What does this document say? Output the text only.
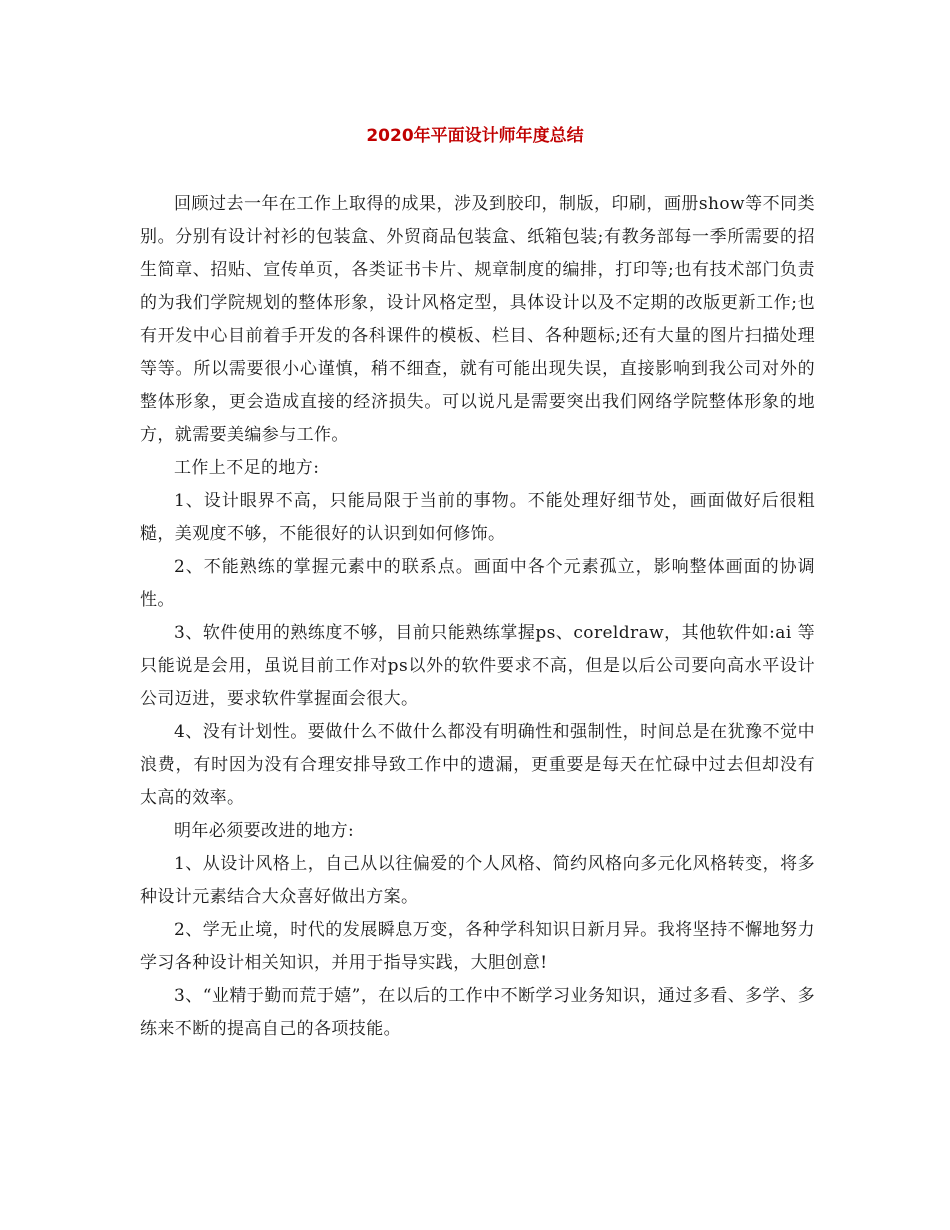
2020年平面设计师年度总结

回顾过去一年在工作上取得的成果，涉及到胶印，制版，印刷，画册show等不同类别。分别有设计衬衫的包装盒、外贸商品包装盒、纸箱包装;有教务部每一季所需要的招生简章、招贴、宣传单页，各类证书卡片、规章制度的编排，打印等;也有技术部门负责的为我们学院规划的整体形象，设计风格定型，具体设计以及不定期的改版更新工作;也有开发中心目前着手开发的各科课件的模板、栏目、各种题标;还有大量的图片扫描处理等等。所以需要很小心谨慎，稍不细查，就有可能出现失误，直接影响到我公司对外的整体形象，更会造成直接的经济损失。可以说凡是需要突出我们网络学院整体形象的地方，就需要美编参与工作。

工作上不足的地方:

1、设计眼界不高，只能局限于当前的事物。不能处理好细节处，画面做好后很粗糙，美观度不够，不能很好的认识到如何修饰。

2、不能熟练的掌握元素中的联系点。画面中各个元素孤立，影响整体画面的协调性。

3、软件使用的熟练度不够，目前只能熟练掌握ps、coreldraw，其他软件如:ai 等只能说是会用，虽说目前工作对ps以外的软件要求不高，但是以后公司要向高水平设计公司迈进，要求软件掌握面会很大。

4、没有计划性。要做什么不做什么都没有明确性和强制性，时间总是在犹豫不觉中浪费，有时因为没有合理安排导致工作中的遗漏，更重要是每天在忙碌中过去但却没有太高的效率。

明年必须要改进的地方:

1、从设计风格上，自己从以往偏爱的个人风格、简约风格向多元化风格转变，将多种设计元素结合大众喜好做出方案。

2、学无止境，时代的发展瞬息万变，各种学科知识日新月异。我将坚持不懈地努力学习各种设计相关知识，并用于指导实践，大胆创意!

3、“业精于勤而荒于嬉”，在以后的工作中不断学习业务知识，通过多看、多学、多练来不断的提高自己的各项技能。
